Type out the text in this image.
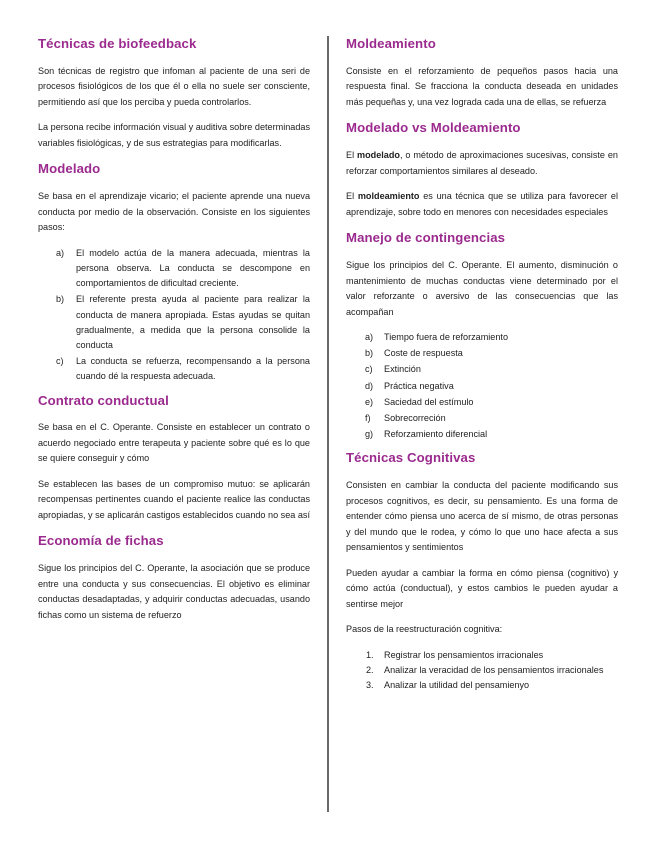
Técnicas de biofeedback

Son técnicas de registro que infoman al paciente de una seri de procesos fisiológicos de los que él o ella no suele ser consciente, permitiendo así que los perciba y pueda controlarlos.

La persona recibe información visual y auditiva sobre determinadas variables fisiológicas, y de sus estrategias para modificarlas.

Modelado

Se basa en el aprendizaje vicario; el paciente aprende una nueva conducta por medio de la observación. Consiste en los siguientes pasos:

a) El modelo actúa de la manera adecuada, mientras la persona observa. La conducta se descompone en comportamientos de dificultad creciente.
b) El referente presta ayuda al paciente para realizar la conducta de manera apropiada. Estas ayudas se quitan gradualmente, a medida que la persona consolide la conducta
c) La conducta se refuerza, recompensando a la persona cuando dé la respuesta adecuada.
Contrato conductual

Se basa en el C. Operante. Consiste en establecer un contrato o acuerdo negociado entre terapeuta y paciente sobre qué es lo que se quiere conseguir y cómo

Se establecen las bases de un compromiso mutuo: se aplicarán recompensas pertinentes cuando el paciente realice las conductas apropiadas, y se aplicarán castigos establecidos cuando no sea así

Economía de fichas

Sigue los principios del C. Operante, la asociación que se produce entre una conducta y sus consecuencias. El objetivo es eliminar conductas desadaptadas, y adquirir conductas adecuadas, usando fichas como un sistema de refuerzo

Moldeamiento

Consiste en el reforzamiento de pequeños pasos hacia una respuesta final. Se fracciona la conducta deseada en unidades más pequeñas y, una vez lograda cada una de ellas, se refuerza

Modelado vs Moldeamiento

El modelado, o método de aproximaciones sucesivas, consiste en reforzar comportamientos similares al deseado.

El moldeamiento es una técnica que se utiliza para favorecer el aprendizaje, sobre todo en menores con necesidades especiales

Manejo de contingencias

Sigue los principios del C. Operante. El aumento, disminución o mantenimiento de muchas conductas viene determinado por el valor reforzante o aversivo de las consecuencias que las acompañan

a) Tiempo fuera de reforzamiento
b) Coste de respuesta
c) Extinción
d) Práctica negativa
e) Saciedad del estímulo
f) Sobrecorreción
g) Reforzamiento diferencial
Técnicas Cognitivas

Consisten en cambiar la conducta del paciente modificando sus procesos cognitivos, es decir, su pensamiento. Es una forma de entender cómo piensa uno acerca de sí mismo, de otras personas y del mundo que le rodea, y cómo lo que uno hace afecta a sus pensamientos y sentimientos

Pueden ayudar a cambiar la forma en cómo piensa (cognitivo) y cómo actúa (conductual), y estos cambios le pueden ayudar a sentirse mejor

Pasos de la reestructuración cognitiva:

1. Registrar los pensamientos irracionales
2. Analizar la veracidad de los pensamientos irracionales
3. Analizar la utilidad del pensamienyo
